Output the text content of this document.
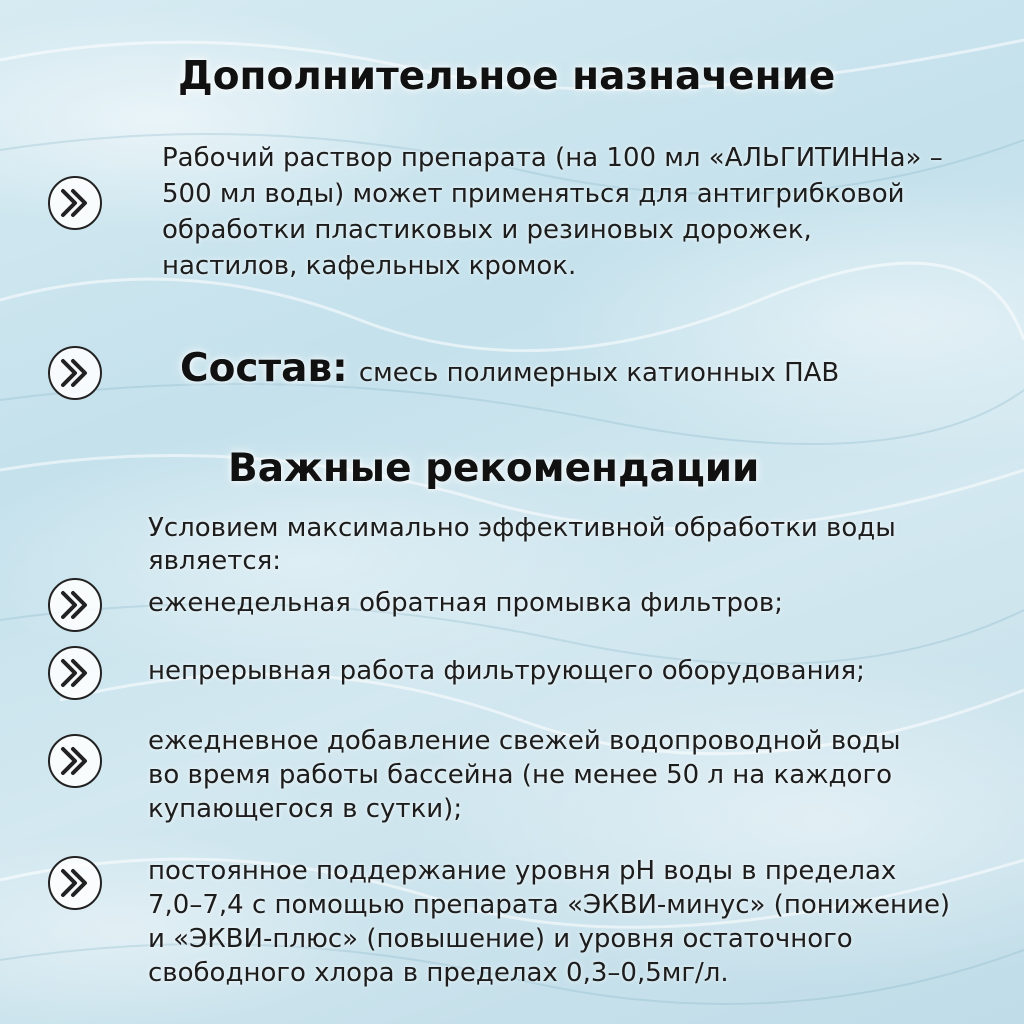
Дополнительное назначение
Рабочий раствор препарата (на 100 мл «АЛЬГИТИННа» –
500 мл воды) может применяться для антигрибковой
обработки пластиковых и резиновых дорожек,
настилов, кафельных кромок.
Состав: смесь полимерных катионных ПАВ
Важные рекомендации
Условием максимально эффективной обработки воды
является:
еженедельная обратная промывка фильтров;
непрерывная работа фильтрующего оборудования;
ежедневное добавление свежей водопроводной воды
во время работы бассейна (не менее 50 л на каждого
купающегося в сутки);
постоянное поддержание уровня pH воды в пределах
7,0–7,4 с помощью препарата «ЭКВИ-минус» (понижение)
и «ЭКВИ-плюс» (повышение) и уровня остаточного
свободного хлора в пределах 0,3–0,5мг/л.
